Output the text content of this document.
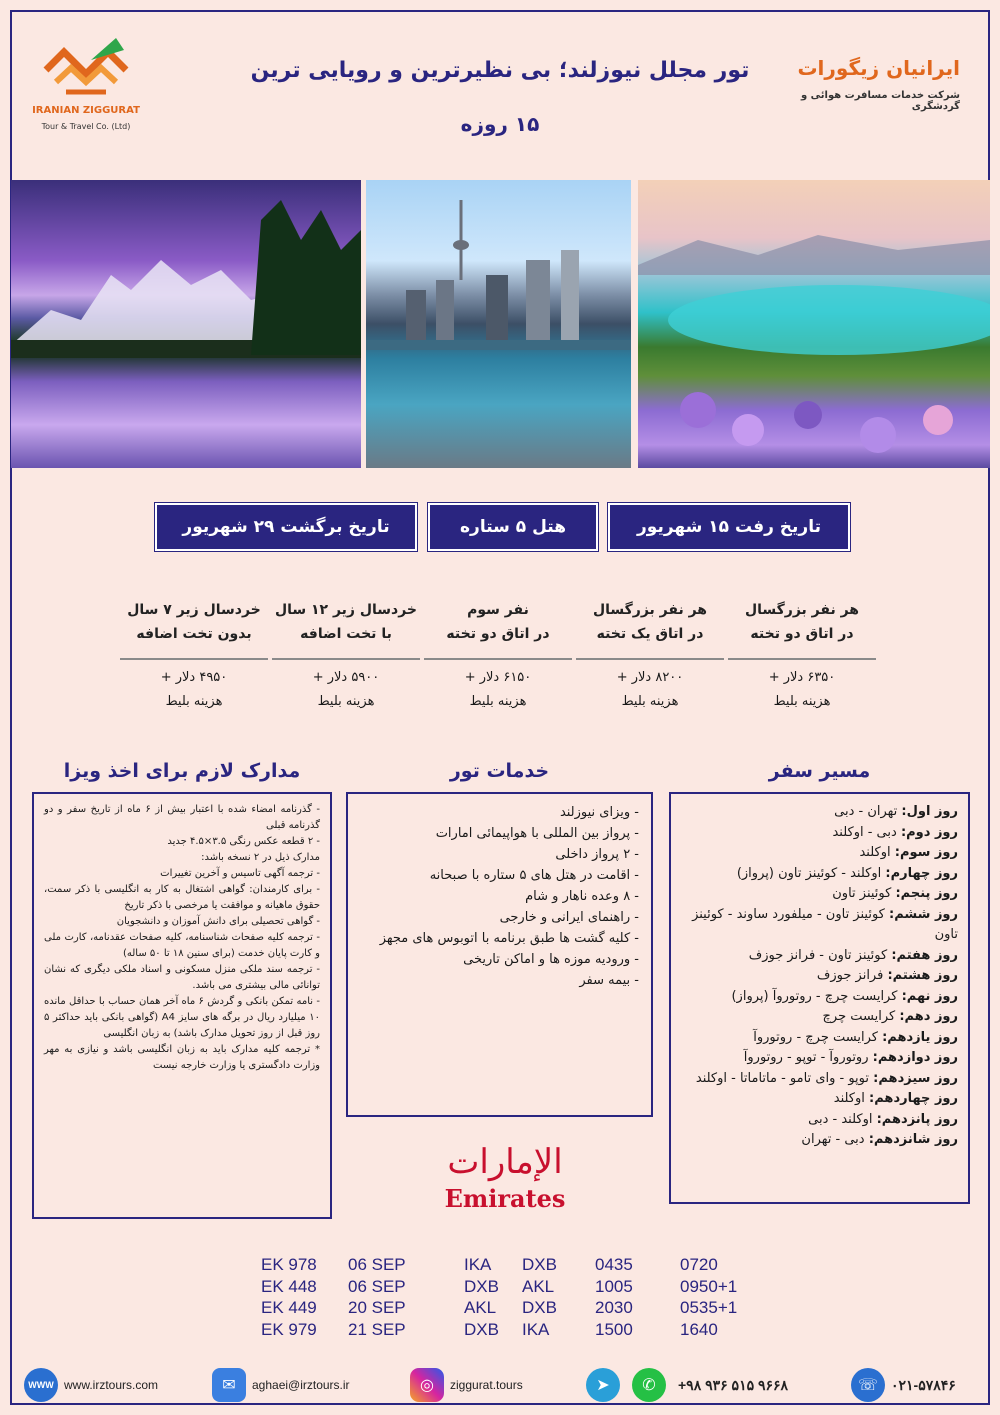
IRANIAN ZIGGURAT
Tour & Travel Co. (Ltd)
تور مجلل نیوزلند؛ بی نظیرترین و رویایی ترین
۱۵ روزه
ایرانیان زیگورات
شرکت خدمات مسافرت هوائی و گردشگری
تاریخ رفت ۱۵ شهریور
هتل ۵ ستاره
تاریخ برگشت ۲۹ شهریور
هر نفر بزرگسال
در اتاق دو تخته
۶۳۵۰ دلار +
هزینه بلیط
هر نفر بزرگسال
در اتاق یک تخته
۸۲۰۰ دلار +
هزینه بلیط
نفر سوم
در اتاق دو تخته
۶۱۵۰ دلار +
هزینه بلیط
خردسال زیر ۱۲ سال
با تخت اضافه
۵۹۰۰ دلار +
هزینه بلیط
خردسال زیر ۷ سال
بدون تخت اضافه
۴۹۵۰ دلار +
هزینه بلیط
مسیر سفر
خدمات تور
مدارک لازم برای اخذ ویزا
- گذرنامه امضاء شده با اعتبار بیش از ۶ ماه از تاریخ سفر و دو گذرنامه قبلی
- ۲ قطعه عکس رنگی ۳.۵×۴.۵ جدید
مدارک ذیل در ۲ نسخه باشد:
- ترجمه آگهی تاسیس و آخرین تغییرات
- برای کارمندان: گواهی اشتغال به کار به انگلیسی با ذکر سمت، حقوق ماهیانه و موافقت یا مرخصی با ذکر تاریخ
- گواهی تحصیلی برای دانش آموزان و دانشجویان
- ترجمه کلیه صفحات شناسنامه، کلیه صفحات عقدنامه، کارت ملی و کارت پایان خدمت (برای سنین ۱۸ تا ۵۰ ساله)
- ترجمه سند ملکی منزل مسکونی و اسناد ملکی دیگری که نشان توانائی مالی بیشتری می باشد.
- نامه تمکن بانکی و گردش ۶ ماه آخر همان حساب با حداقل مانده ۱۰ میلیارد ریال در برگه های سایز A4 (گواهی بانکی باید حداکثر ۵ روز قبل از روز تحویل مدارک باشد) به زبان انگلیسی
* ترجمه کلیه مدارک باید به زبان انگلیسی باشد و نیازی به مهر وزارت دادگستری یا وزارت خارجه نیست
- ویزای نیوزلند
- پرواز بین المللی با هواپیمائی امارات
- ۲ پرواز داخلی
- اقامت در هتل های ۵ ستاره با صبحانه
- ۸ وعده ناهار و شام
- راهنمای ایرانی و خارجی
- کلیه گشت ها طبق برنامه با اتوبوس های مجهز
- ورودیه موزه ها و اماکن تاریخی
- بیمه سفر
روز اول: تهران - دبی
روز دوم: دبی - اوکلند
روز سوم: اوکلند
روز چهارم: اوکلند - کوئینز تاون (پرواز)
روز پنجم: کوئینز تاون
روز ششم: کوئینز تاون - میلفورد ساوند - کوئینز تاون
روز هفتم: کوئینز تاون - فرانز جوزف
روز هشتم: فرانز جوزف
روز نهم: کرایست چرچ - روتوروآ (پرواز)
روز دهم: کرایست چرچ
روز یازدهم: کرایست چرچ - روتوروآ
روز دوازدهم: روتوروآ - توپو - روتوروآ
روز سیزدهم: توپو - وای تامو - ماتاماتا - اوکلند
روز چهاردهم: اوکلند
روز پانزدهم: اوکلند - دبی
روز شانزدهم: دبی - تهران
الإمارات
Emirates
EK 978 06 SEP	IKA DXB 0435	0720
EK 448 06 SEP	DXB AKL 1005	0950+1
EK 449 20 SEP	AKL DXB 2030	0535+1
EK 979 21 SEP	DXB IKA	1500	1640
WWW www.irztours.com	✉	aghaei@irztours.ir	◎	ziggurat.tours	➤	✆	+۹۸ ۹۳۶ ۵۱۵ ۹۶۶۸	☏ ۰۲۱-۵۷۸۴۶
